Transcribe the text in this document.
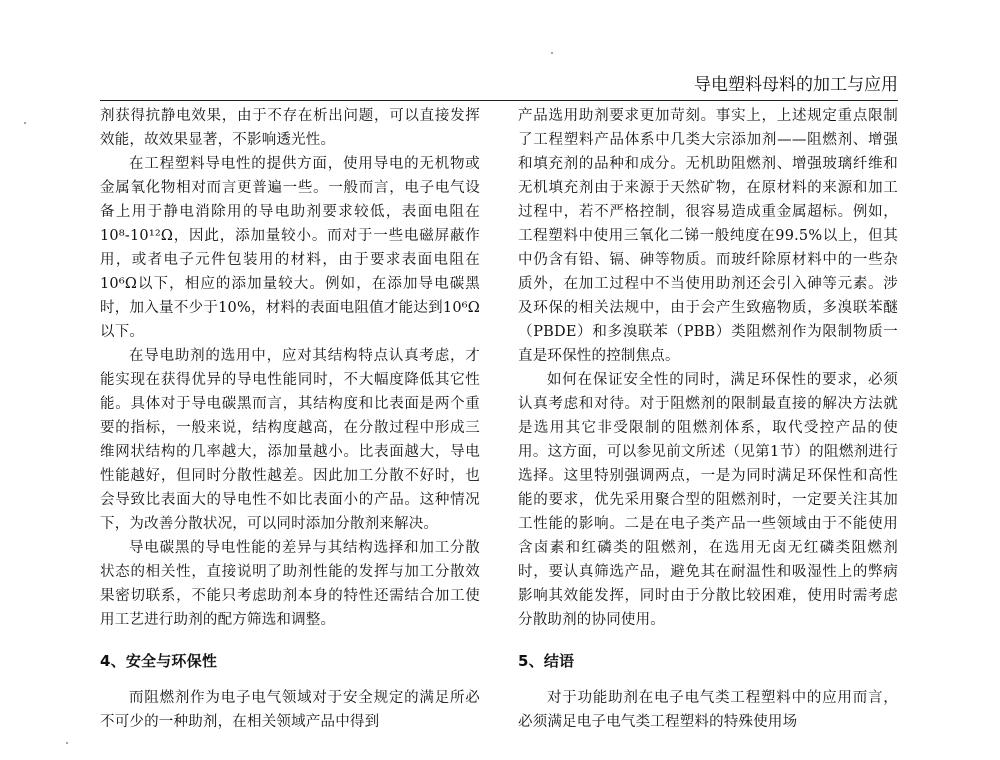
导电塑料母料的加工与应用

剂获得抗静电效果，由于不存在析出问题，可以直接发挥效能，故效果显著，不影响透光性。

在工程塑料导电性的提供方面，使用导电的无机物或金属氧化物相对而言更普遍一些。一般而言，电子电气设备上用于静电消除用的导电助剂要求较低，表面电阻在10⁸-10¹²Ω，因此，添加量较小。而对于一些电磁屏蔽作用，或者电子元件包装用的材料，由于要求表面电阻在10⁶Ω以下，相应的添加量较大。例如，在添加导电碳黑时，加入量不少于10%，材料的表面电阻值才能达到10⁶Ω以下。

在导电助剂的选用中，应对其结构特点认真考虑，才能实现在获得优异的导电性能同时，不大幅度降低其它性能。具体对于导电碳黑而言，其结构度和比表面是两个重要的指标，一般来说，结构度越高，在分散过程中形成三维网状结构的几率越大，添加量越小。比表面越大，导电性能越好，但同时分散性越差。因此加工分散不好时，也会导致比表面大的导电性不如比表面小的产品。这种情况下，为改善分散状况，可以同时添加分散剂来解决。

导电碳黑的导电性能的差异与其结构选择和加工分散状态的相关性，直接说明了助剂性能的发挥与加工分散效果密切联系，不能只考虑助剂本身的特性还需结合加工使用工艺进行助剂的配方筛选和调整。

4、安全与环保性

而阻燃剂作为电子电气领域对于安全规定的满足所必不可少的一种助剂，在相关领域产品中得到

产品选用助剂要求更加苛刻。事实上，上述规定重点限制了工程塑料产品体系中几类大宗添加剂——阻燃剂、增强和填充剂的品种和成分。无机助阻燃剂、增强玻璃纤维和无机填充剂由于来源于天然矿物，在原材料的来源和加工过程中，若不严格控制，很容易造成重金属超标。例如，工程塑料中使用三氧化二锑一般纯度在99.5%以上，但其中仍含有铅、镉、砷等物质。而玻纤除原材料中的一些杂质外，在加工过程中不当使用助剂还会引入砷等元素。涉及环保的相关法规中，由于会产生致癌物质，多溴联苯醚（PBDE）和多溴联苯（PBB）类阻燃剂作为限制物质一直是环保性的控制焦点。

如何在保证安全性的同时，满足环保性的要求，必须认真考虑和对待。对于阻燃剂的限制最直接的解决方法就是选用其它非受限制的阻燃剂体系，取代受控产品的使用。这方面，可以参见前文所述（见第1节）的阻燃剂进行选择。这里特别强调两点，一是为同时满足环保性和高性能的要求，优先采用聚合型的阻燃剂时，一定要关注其加工性能的影响。二是在电子类产品一些领域由于不能使用含卤素和红磷类的阻燃剂，在选用无卤无红磷类阻燃剂时，要认真筛选产品，避免其在耐温性和吸湿性上的弊病影响其效能发挥，同时由于分散比较困难，使用时需考虑分散助剂的协同使用。

5、结语

对于功能助剂在电子电气类工程塑料中的应用而言，必须满足电子电气类工程塑料的特殊使用场
